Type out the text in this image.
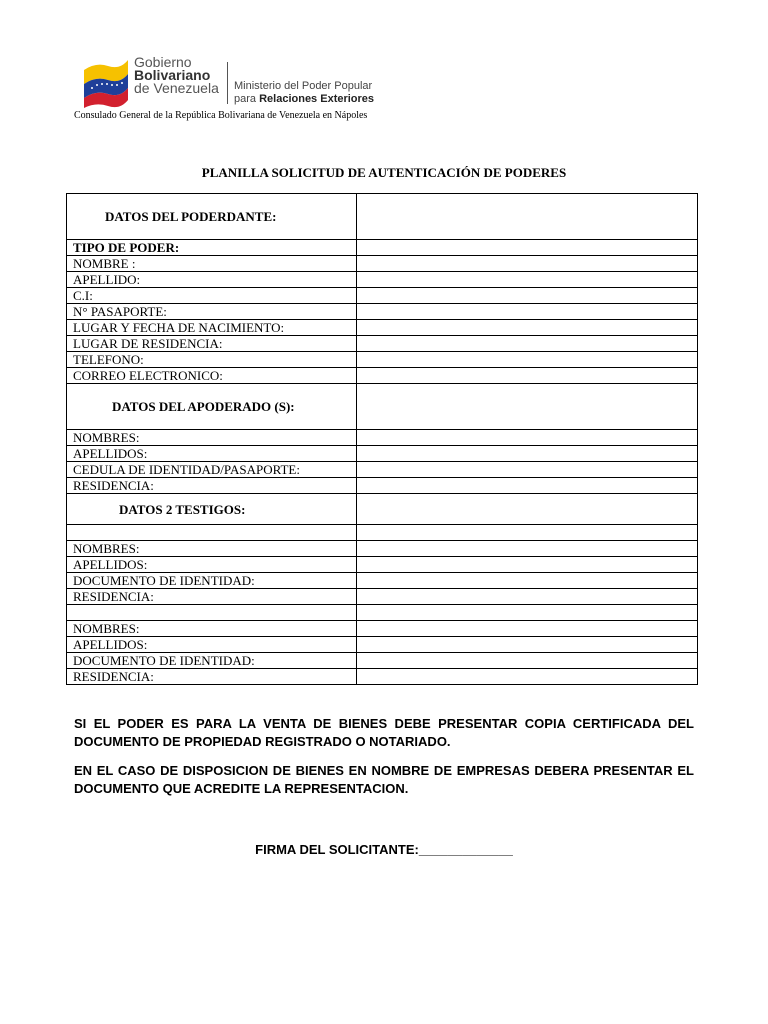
Gobierno
Bolivariano
de Venezuela Ministerio del Poder Popular
para Relaciones Exteriores
Consulado General de la República Bolivariana de Venezuela en Nápoles
PLANILLA SOLICITUD DE AUTENTICACIÓN DE PODERES
DATOS DEL PODERDANTE:	
TIPO DE PODER:	
NOMBRE :	
APELLIDO:	
C.I:	
N° PASAPORTE:	
LUGAR Y FECHA DE NACIMIENTO:	
LUGAR DE RESIDENCIA:	
TELEFONO:	
CORREO ELECTRONICO:	
DATOS DEL APODERADO (S):	
NOMBRES:	
APELLIDOS:	
CEDULA DE IDENTIDAD/PASAPORTE:	
RESIDENCIA:	
DATOS 2 TESTIGOS:	

NOMBRES:	
APELLIDOS:	
DOCUMENTO DE IDENTIDAD:	
RESIDENCIA:	

NOMBRES:	
APELLIDOS:	
DOCUMENTO DE IDENTIDAD:	
RESIDENCIA:	
SI EL PODER ES PARA LA VENTA DE BIENES DEBE PRESENTAR COPIA CERTIFICADA DEL DOCUMENTO DE PROPIEDAD REGISTRADO O NOTARIADO.
EN EL CASO DE DISPOSICION DE BIENES EN NOMBRE DE EMPRESAS DEBERA PRESENTAR EL DOCUMENTO QUE ACREDITE LA REPRESENTACION.
FIRMA DEL SOLICITANTE:_____________
